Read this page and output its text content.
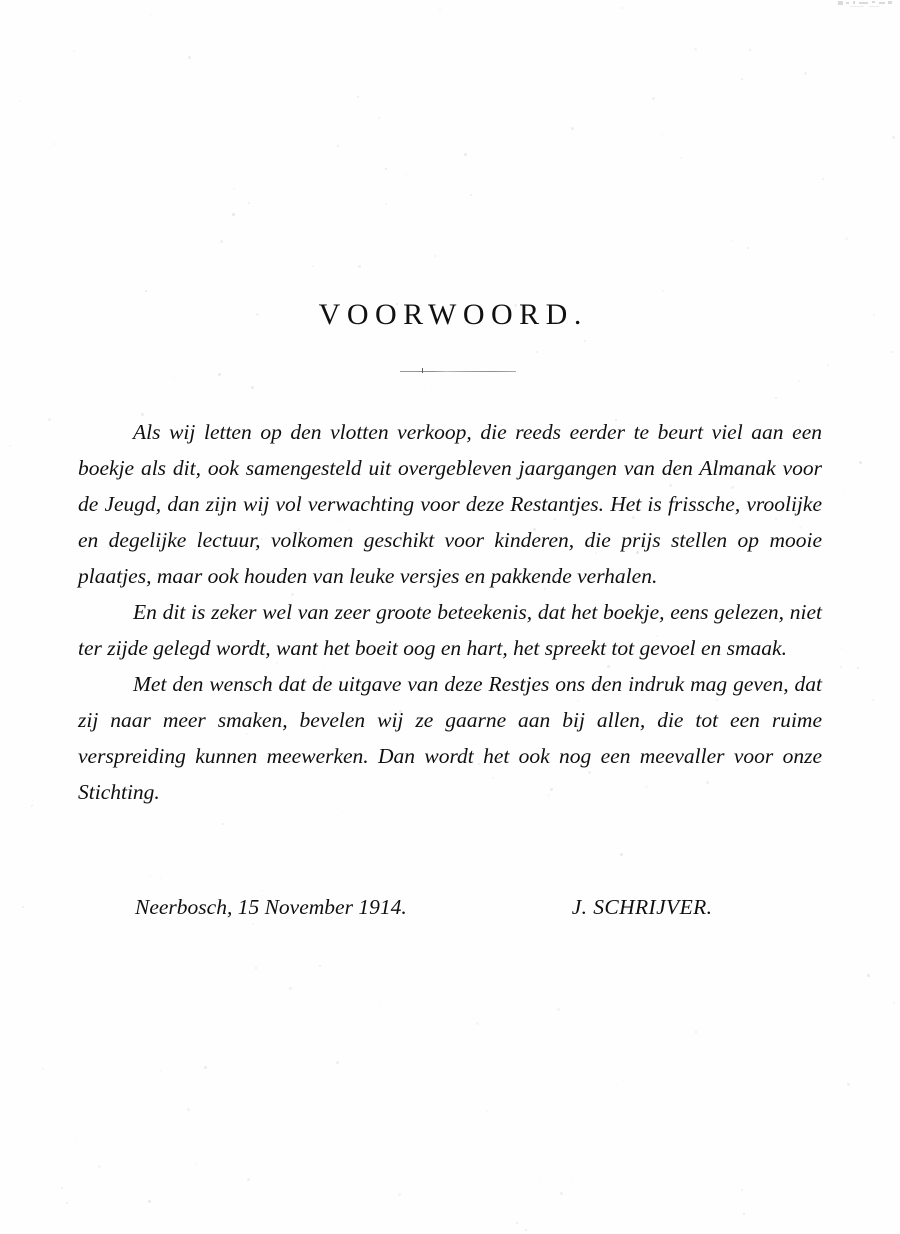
VOORWOORD.

Als wij letten op den vlotten verkoop, die reeds eerder te beurt viel aan een boekje als dit, ook samengesteld uit overgebleven jaargangen van den Almanak voor de Jeugd, dan zijn wij vol verwachting voor deze Restantjes. Het is frissche, vroolijke en degelijke lectuur, volkomen geschikt voor kinderen, die prijs stellen op mooie plaatjes, maar ook houden van leuke versjes en pakkende verhalen.

En dit is zeker wel van zeer groote beteekenis, dat het boekje, eens gelezen, niet ter zijde gelegd wordt, want het boeit oog en hart, het spreekt tot gevoel en smaak.

Met den wensch dat de uitgave van deze Restjes ons den indruk mag geven, dat zij naar meer smaken, bevelen wij ze gaarne aan bij allen, die tot een ruime verspreiding kunnen meewerken. Dan wordt het ook nog een meevaller voor onze Stichting.

Neerbosch, 15 November 1914.	J. SCHRIJVER.
